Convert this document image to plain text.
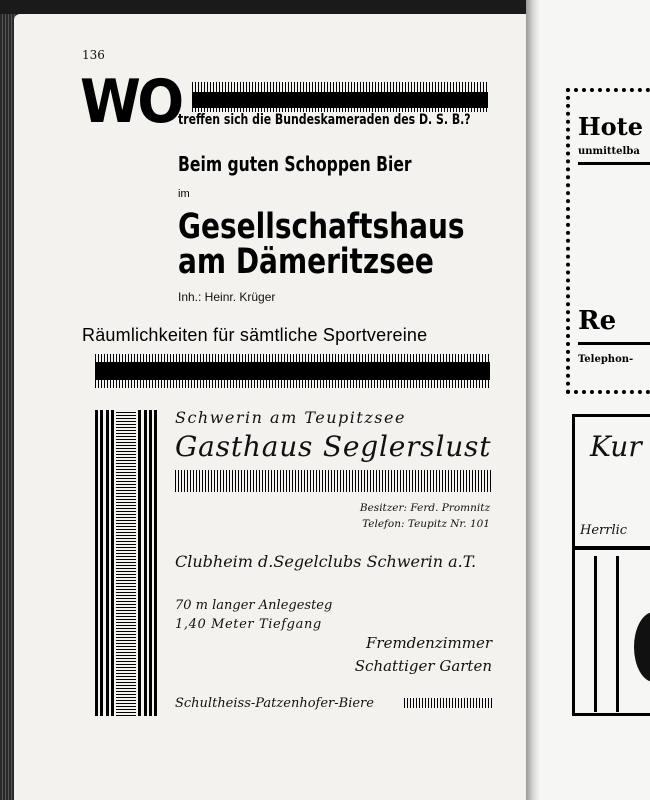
136
WO
treffen sich die Bundeskameraden des D. S. B.?
Beim guten Schoppen Bier
im
Gesellschaftshaus
am Dämeritzsee
Inh.: Heinr. Krüger
Räumlichkeiten für sämtliche Sportvereine
Schwerin am Teupitzsee
Gasthaus Seglerslust
Besitzer: Ferd. Promnitz
Telefon: Teupitz Nr. 101
Clubheim d.Segelclubs Schwerin a.T.
70 m langer Anlegesteg
1,40 Meter Tiefgang
Fremdenzimmer
Schattiger Garten
Schultheiss-Patzenhofer-Biere
Hote
unmittelba
Re
Telephon-
Kur
Herrlic
